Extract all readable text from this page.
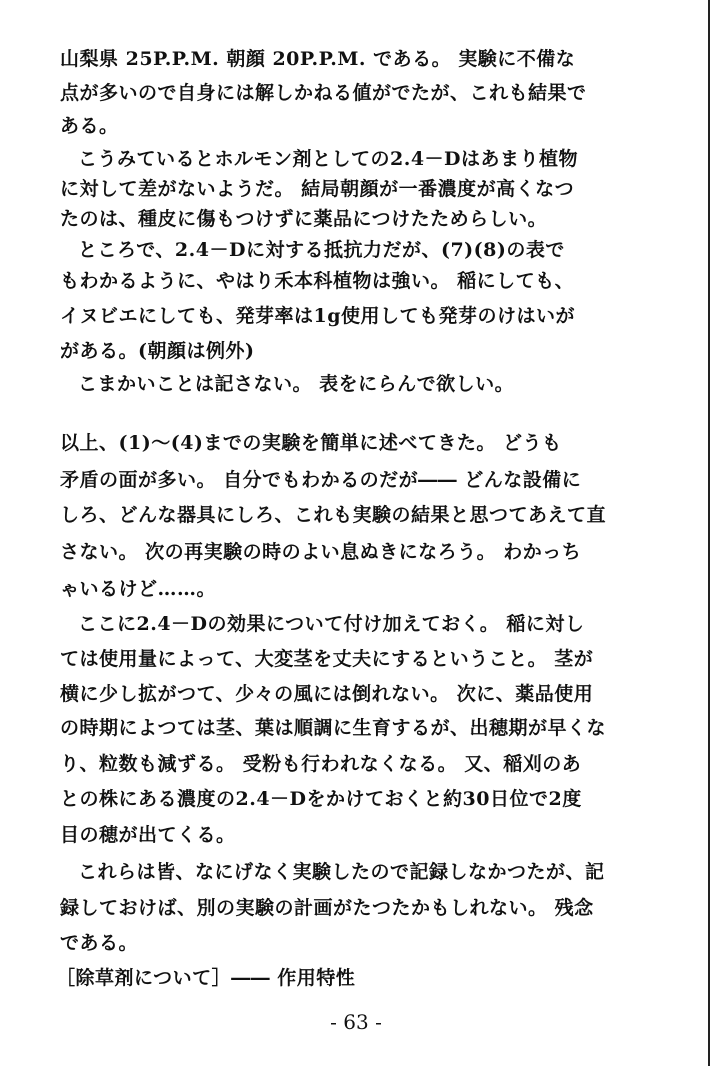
山梨県 25P.P.M. 朝顔 20P.P.M. である。 実験に不備な
点が多いので自身には解しかねる値がでたが、これも結果で
ある。
こうみているとホルモン剤としての2.4－Dはあまり植物
に対して差がないようだ。 結局朝顔が一番濃度が高くなつ
たのは、種皮に傷もつけずに薬品につけたためらしい。
ところで、2.4－Dに対する抵抗力だが、(7)(8)の表で
もわかるように、やはり禾本科植物は強い。 稲にしても、
イヌビエにしても、発芽率は1g使用しても発芽のけはいが
がある。(朝顔は例外)
こまかいことは記さない。 表をにらんで欲しい。
以上、(1)～(4)までの実験を簡単に述べてきた。 どうも
矛盾の面が多い。 自分でもわかるのだが―― どんな設備に
しろ、どんな器具にしろ、これも実験の結果と思つてあえて直
さない。 次の再実験の時のよい息ぬきになろう。 わかっち
ゃいるけど……。
ここに2.4－Dの効果について付け加えておく。 稲に対し
ては使用量によって、大変茎を丈夫にするということ。 茎が
横に少し拡がつて、少々の風には倒れない。 次に、薬品使用
の時期によつては茎、葉は順調に生育するが、出穂期が早くな
り、粒数も減ずる。 受粉も行われなくなる。 又、稲刈のあ
との株にある濃度の2.4－Dをかけておくと約30日位で2度
目の穂が出てくる。
これらは皆、なにげなく実験したので記録しなかつたが、記
録しておけば、別の実験の計画がたつたかもしれない。 残念
である。
［除草剤について］―― 作用特性
- 63 -
